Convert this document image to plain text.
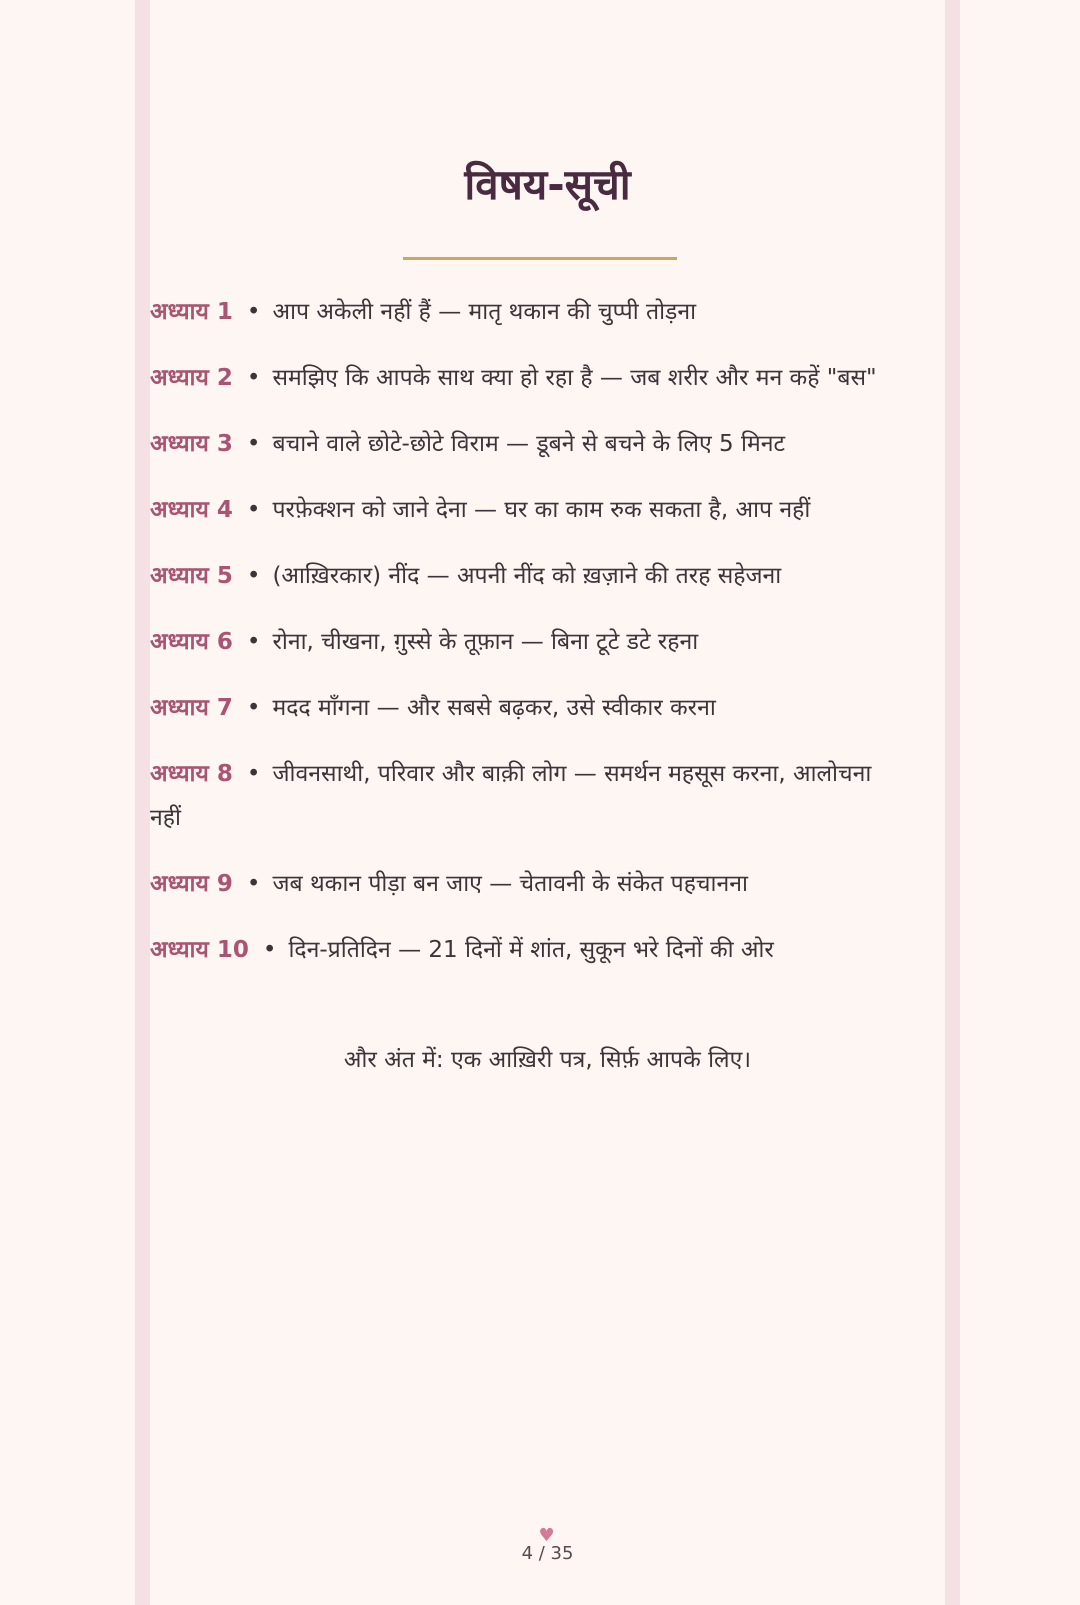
विषय-सूची
अध्याय 1 • आप अकेली नहीं हैं — मातृ थकान की चुप्पी तोड़ना
अध्याय 2 • समझिए कि आपके साथ क्या हो रहा है — जब शरीर और मन कहें "बस"
अध्याय 3 • बचाने वाले छोटे-छोटे विराम — डूबने से बचने के लिए 5 मिनट
अध्याय 4 • परफ़ेक्शन को जाने देना — घर का काम रुक सकता है, आप नहीं
अध्याय 5 • (आख़िरकार) नींद — अपनी नींद को ख़ज़ाने की तरह सहेजना
अध्याय 6 • रोना, चीखना, ग़ुस्से के तूफ़ान — बिना टूटे डटे रहना
अध्याय 7 • मदद माँगना — और सबसे बढ़कर, उसे स्वीकार करना
अध्याय 8 • जीवनसाथी, परिवार और बाक़ी लोग — समर्थन महसूस करना, आलोचना नहीं
अध्याय 9 • जब थकान पीड़ा बन जाए — चेतावनी के संकेत पहचानना
अध्याय 10 • दिन-प्रतिदिन — 21 दिनों में शांत, सुकून भरे दिनों की ओर

और अंत में: एक आख़िरी पत्र, सिर्फ़ आपके लिए।

♥
4 / 35
